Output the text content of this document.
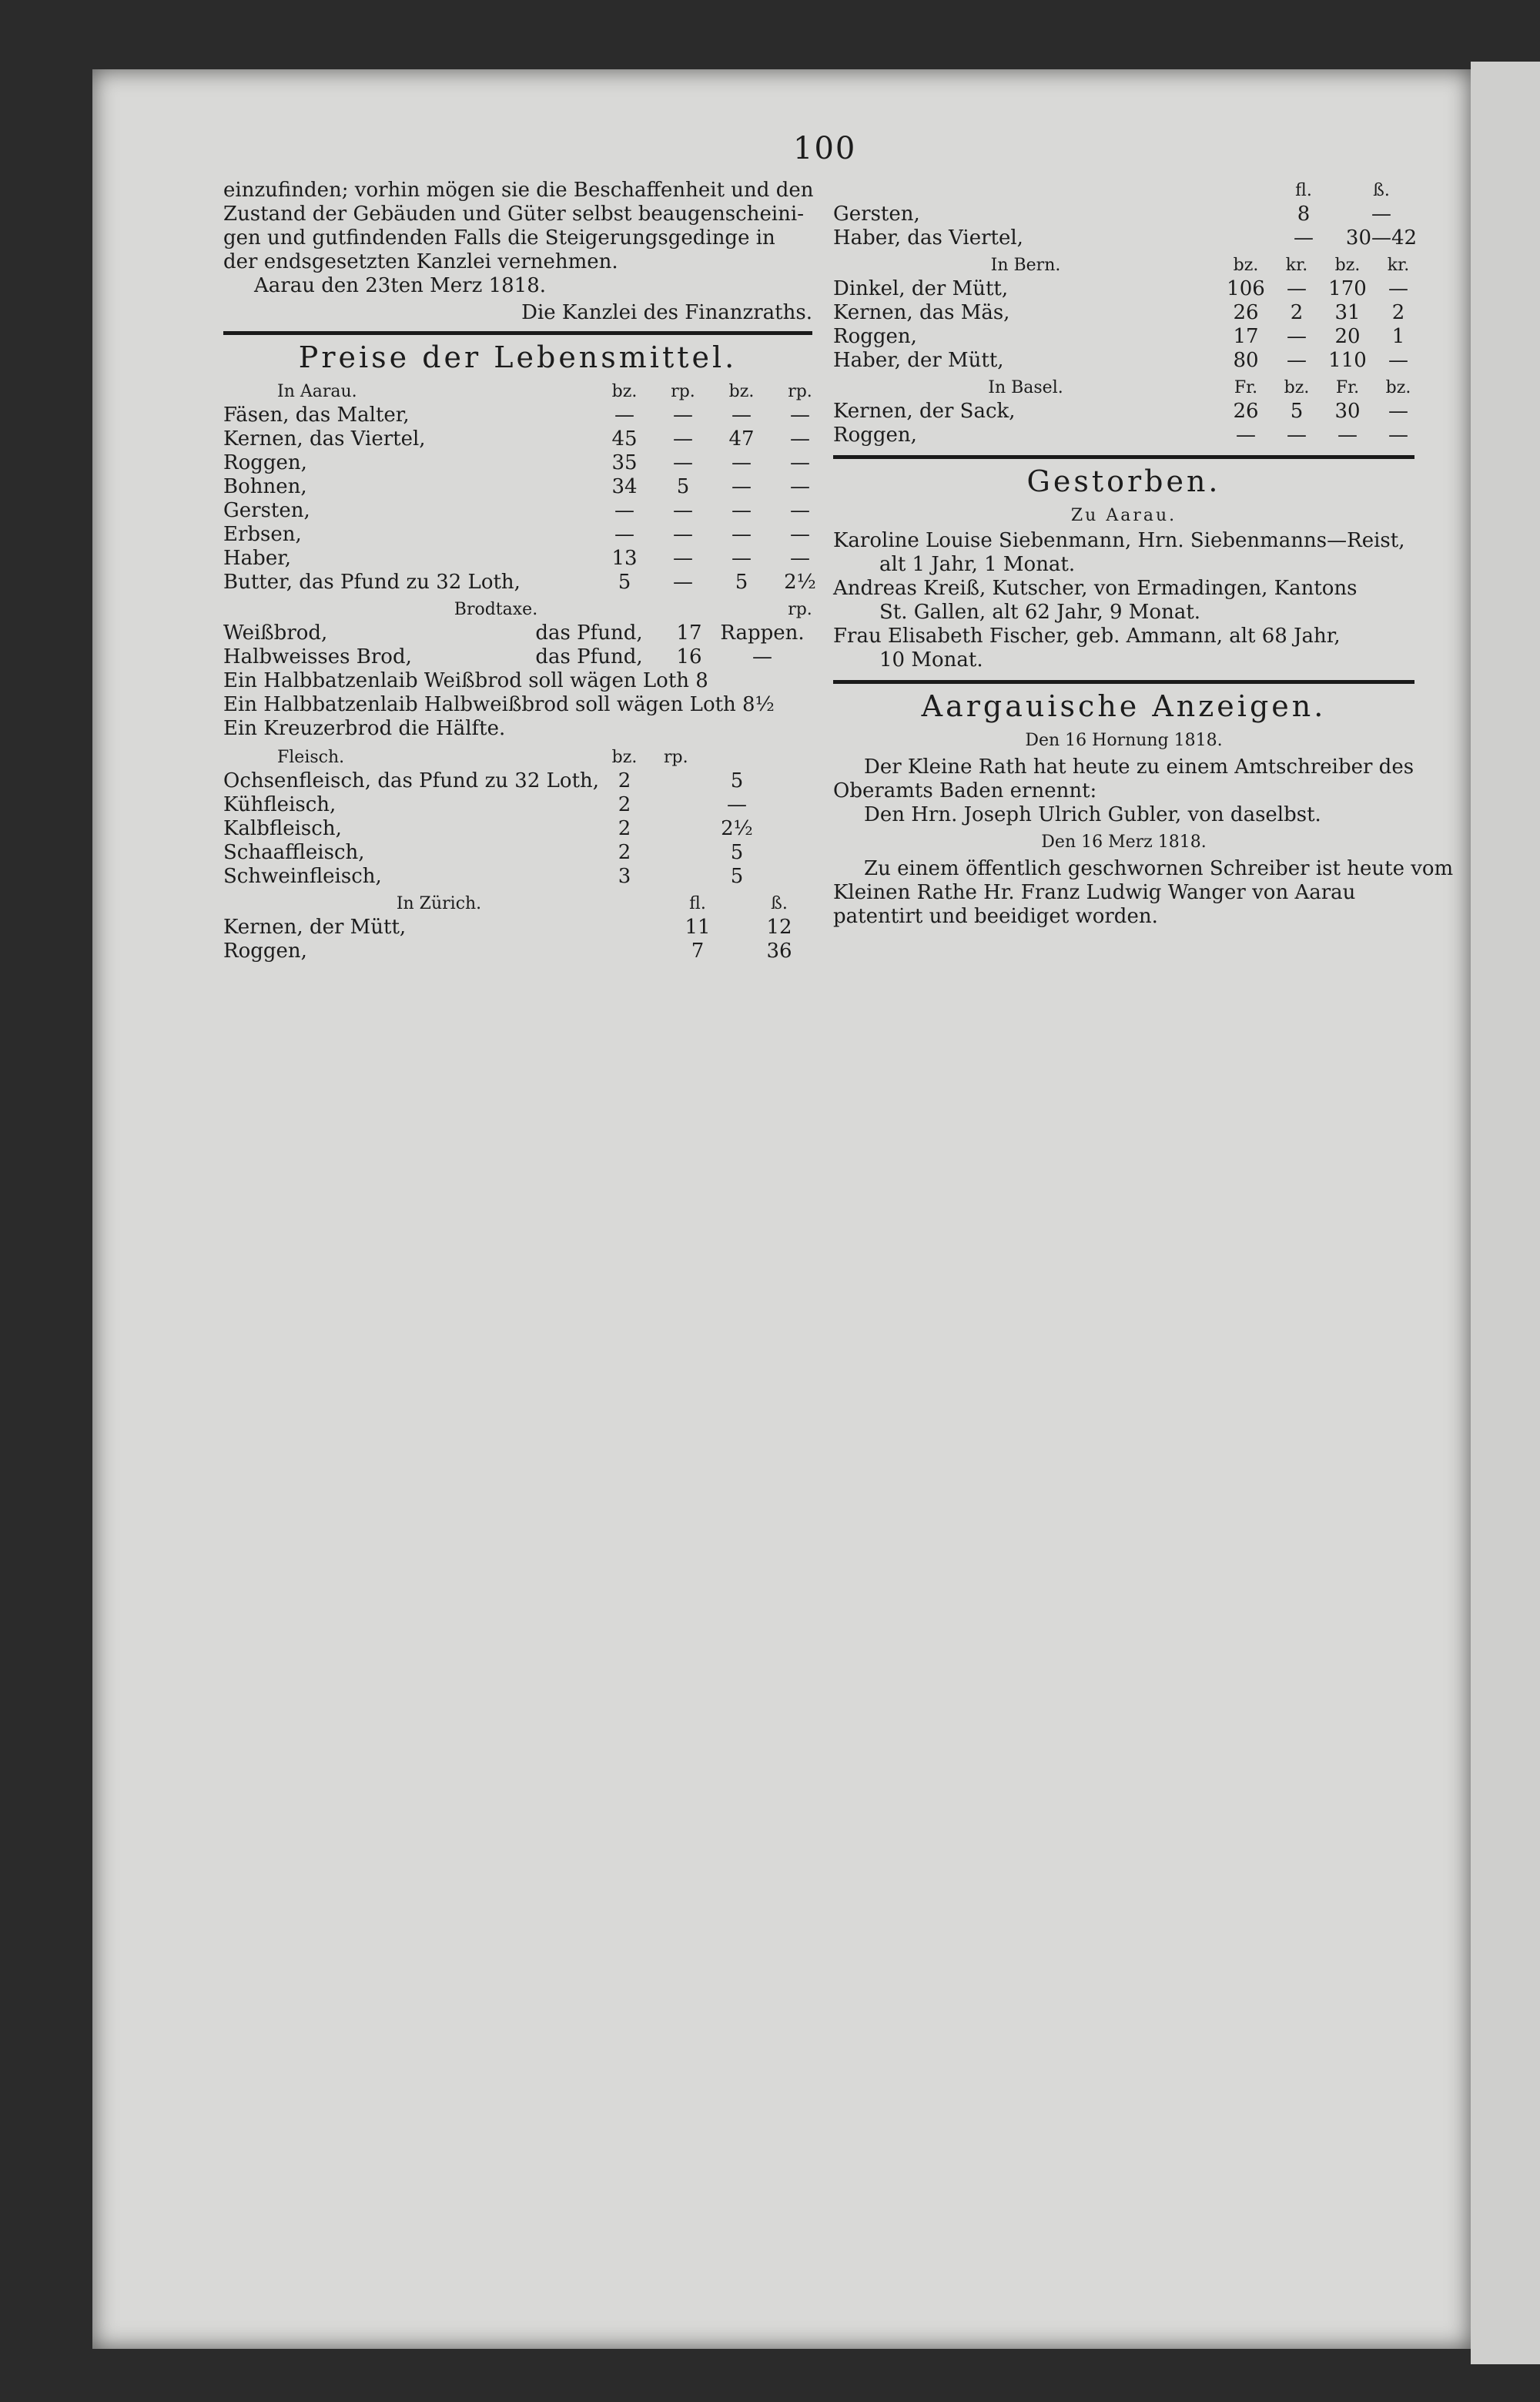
100
einzufinden; vorhin mögen sie die Beschaffenheit und den
Zustand der Gebäuden und Güter selbst beaugenscheini-
gen und gutfindenden Falls die Steigerungsgedinge in
der endsgesetzten Kanzlei vernehmen.
Aarau den 23ten Merz 1818.
Die Kanzlei des Finanzraths.
Preise der Lebensmittel.
In Aarau.	bz.	rp.	bz.	rp.
Fäsen, das Malter,	—	—	—	—
Kernen, das Viertel,	45	—	47	—
Roggen,	35	—	—	—
Bohnen,	34	5	—	—
Gersten,	—	—	—	—
Erbsen,	—	—	—	—
Haber,	13	—	—	—
Butter, das Pfund zu 32 Loth,	5	—	5	2½
Brodtaxe.	rp.
Weißbrod,	das Pfund,	17 Rappen.
Halbweisses Brod,	das Pfund,	16	—
Ein Halbbatzenlaib Weißbrod soll wägen Loth 8
Ein Halbbatzenlaib Halbweißbrod soll wägen Loth 8½
Ein Kreuzerbrod die Hälfte.
Fleisch.	bz.	rp.
Ochsenfleisch, das Pfund zu 32 Loth, 2	5
Kühfleisch,	2	—
Kalbfleisch,	2	2½
Schaaffleisch,	2	5
Schweinfleisch,	3	5
In Zürich.	fl.	ß.
Kernen, der Mütt,	11	12
Roggen,	7	36
fl.	ß.
Gersten,	8	—
Haber, das Viertel,	—	30—42
In Bern.	bz.	kr.	bz.	kr.
Dinkel, der Mütt,	106	—	170	—
Kernen, das Mäs,	26	2	31	2
Roggen,	17	—	20	1
Haber, der Mütt,	80	—	110	—
In Basel.	Fr.	bz.	Fr.	bz.
Kernen, der Sack,	26	5	30	—
Roggen,	—	—	—	—
Gestorben.
Zu Aarau.
Karoline Louise Siebenmann, Hrn. Siebenmanns—Reist,
alt 1 Jahr, 1 Monat.
Andreas Kreiß, Kutscher, von Ermadingen, Kantons
St. Gallen, alt 62 Jahr, 9 Monat.
Frau Elisabeth Fischer, geb. Ammann, alt 68 Jahr,
10 Monat.
Aargauische Anzeigen.
Den 16 Hornung 1818.
Der Kleine Rath hat heute zu einem Amtschreiber des
Oberamts Baden ernennt:
Den Hrn. Joseph Ulrich Gubler, von daselbst.
Den 16 Merz 1818.
Zu einem öffentlich geschwornen Schreiber ist heute vom
Kleinen Rathe Hr. Franz Ludwig Wanger von Aarau
patentirt und beeidiget worden.
